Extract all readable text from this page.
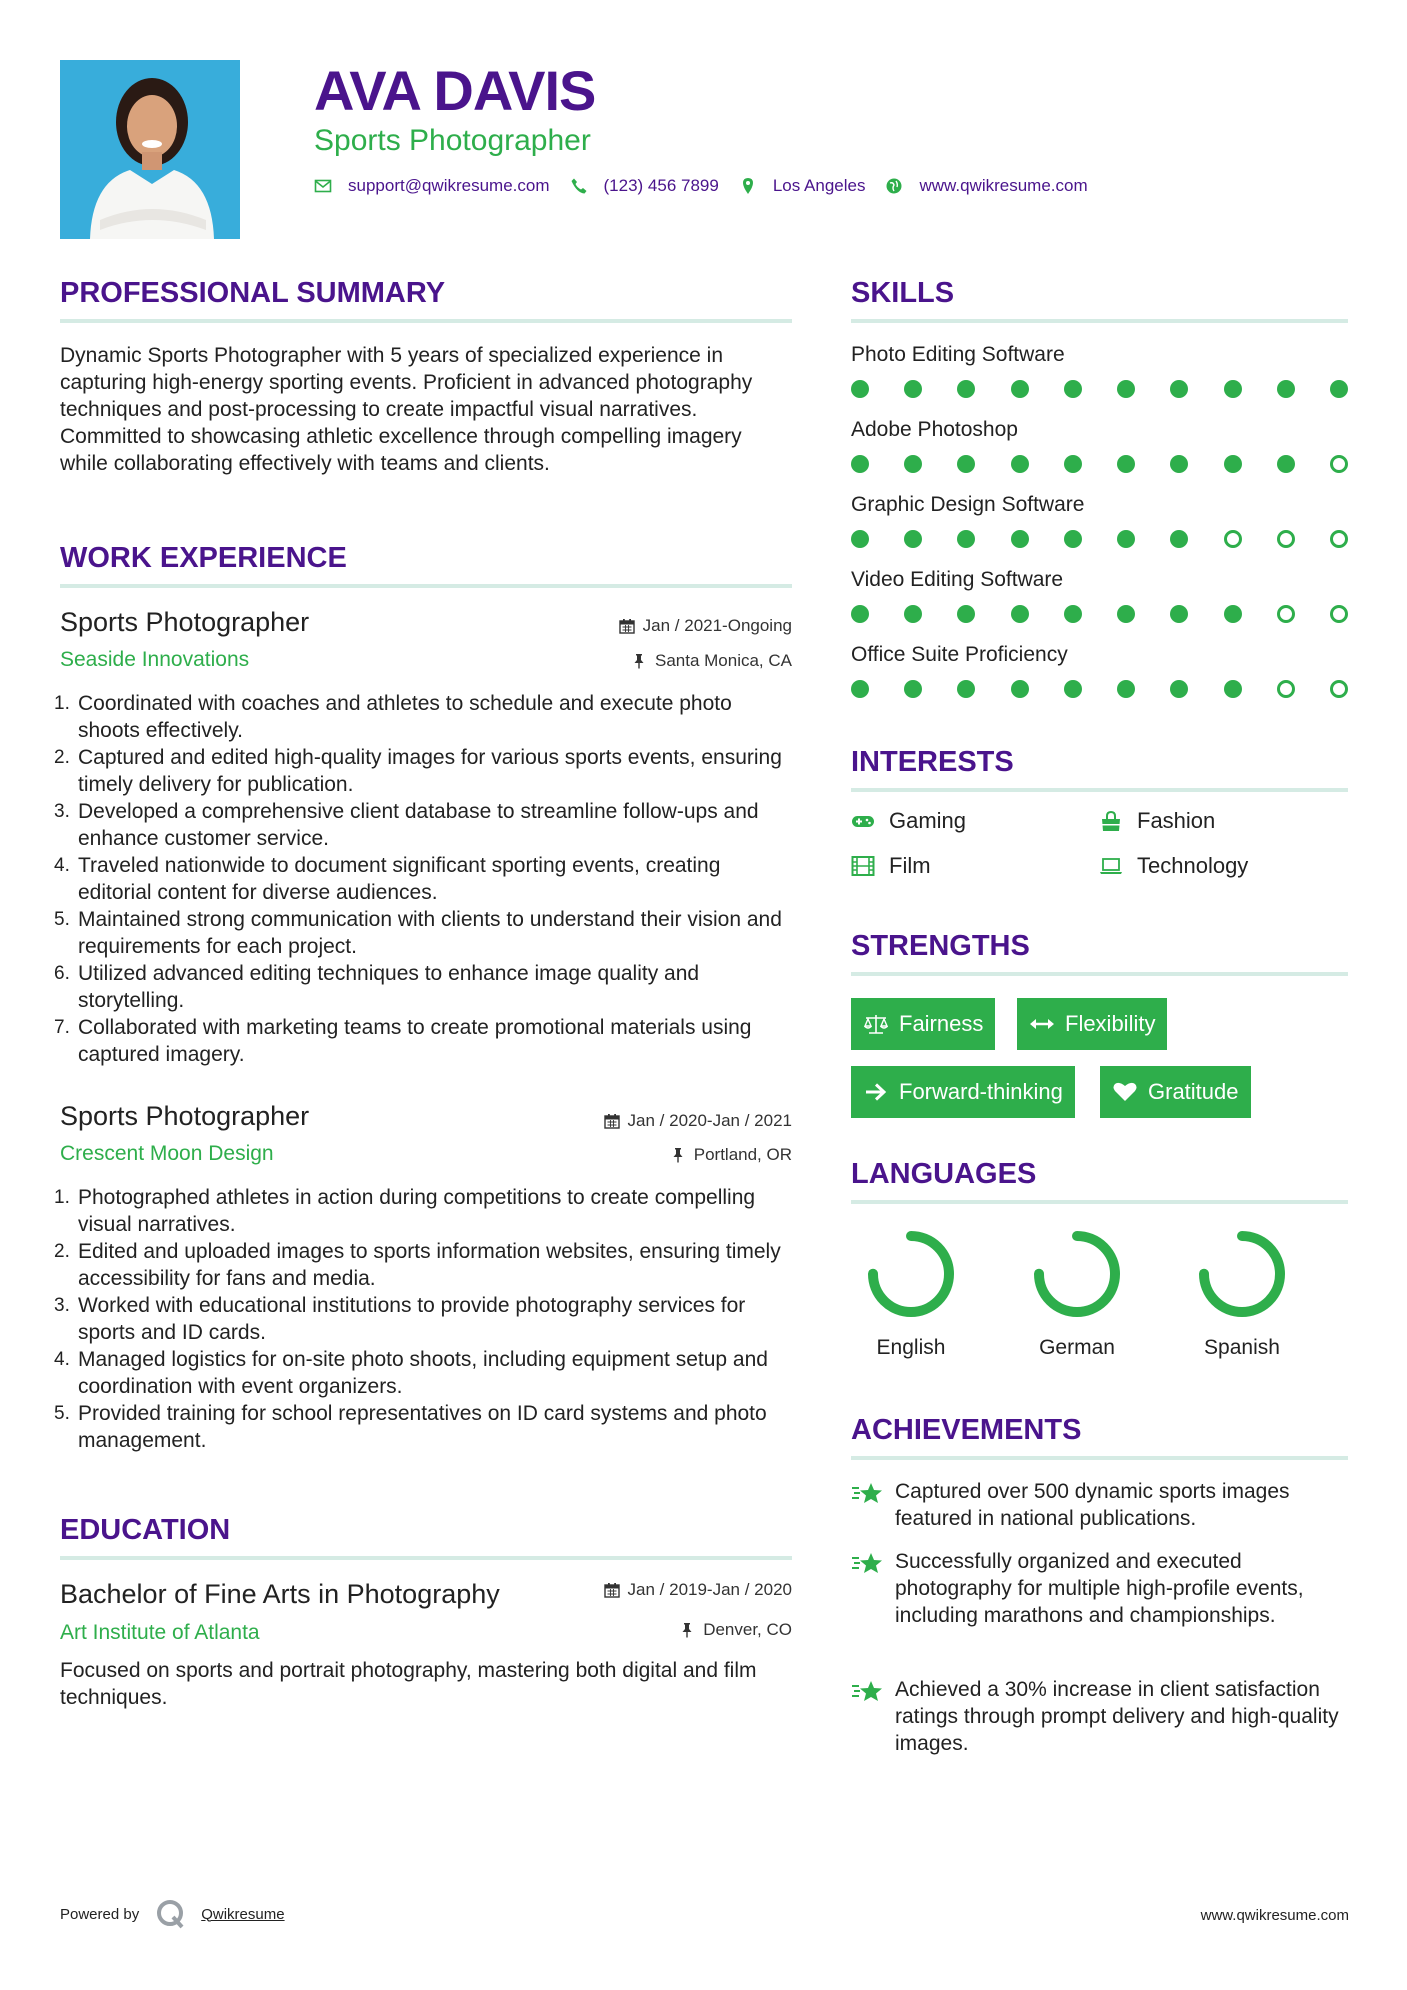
AVA DAVIS
Sports Photographer
support@qwikresume.com	(123) 456 7899	Los Angeles	www.qwikresume.com
PROFESSIONAL SUMMARY
Dynamic Sports Photographer with 5 years of specialized experience in capturing high-energy sporting events. Proficient in advanced photography techniques and post-processing to create impactful visual narratives. Committed to showcasing athletic excellence through compelling imagery while collaborating effectively with teams and clients.
WORK EXPERIENCE
Sports Photographer	Jan / 2021-Ongoing
Seaside Innovations	Santa Monica, CA
1. Coordinated with coaches and athletes to schedule and execute photo shoots effectively.
2. Captured and edited high-quality images for various sports events, ensuring timely delivery for publication.
3. Developed a comprehensive client database to streamline follow-ups and enhance customer service.
4. Traveled nationwide to document significant sporting events, creating editorial content for diverse audiences.
5. Maintained strong communication with clients to understand their vision and requirements for each project.
6. Utilized advanced editing techniques to enhance image quality and storytelling.
7. Collaborated with marketing teams to create promotional materials using captured imagery.
Sports Photographer	Jan / 2020-Jan / 2021
Crescent Moon Design	Portland, OR
1. Photographed athletes in action during competitions to create compelling visual narratives.
2. Edited and uploaded images to sports information websites, ensuring timely accessibility for fans and media.
3. Worked with educational institutions to provide photography services for sports and ID cards.
4. Managed logistics for on-site photo shoots, including equipment setup and coordination with event organizers.
5. Provided training for school representatives on ID card systems and photo management.
EDUCATION
Bachelor of Fine Arts in Photography	Jan / 2019-Jan / 2020
Art Institute of Atlanta	Denver, CO
Focused on sports and portrait photography, mastering both digital and film techniques.
SKILLS
Photo Editing Software
Adobe Photoshop
Graphic Design Software
Video Editing Software
Office Suite Proficiency
INTERESTS
Gaming	Fashion
Film	Technology
STRENGTHS
Fairness	Flexibility
Forward-thinking	Gratitude
LANGUAGES
English	German	Spanish
ACHIEVEMENTS
Captured over 500 dynamic sports images featured in national publications.
Successfully organized and executed photography for multiple high-profile events, including marathons and championships.
Achieved a 30% increase in client satisfaction ratings through prompt delivery and high-quality images.
Powered by	Qwikresume	www.qwikresume.com
